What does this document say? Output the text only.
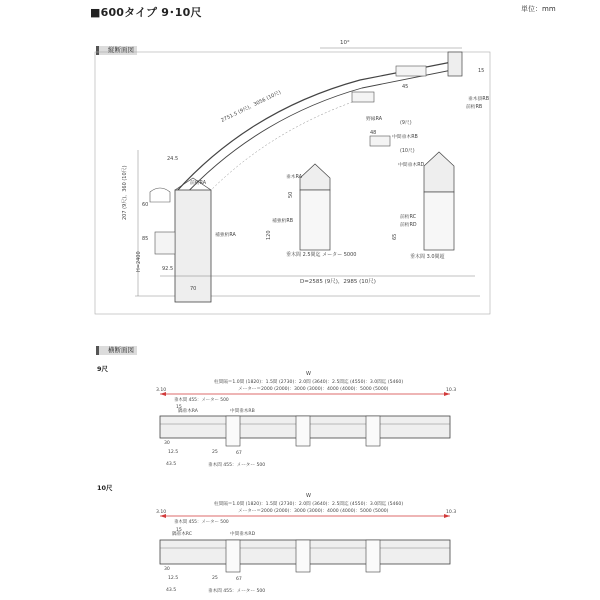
■600タイプ 9･10尺	単位：mm
縦断面図
横断面図
9尺
10尺
10°
2751.5 (9尺)，3056 (10尺)
207 (9尺)，360 (10尺)
H=2400
60
85
D=2585 (9尺)，2985 (10尺)
92.5
70
前桁RA
補強桁RA
24.5
垂木掛RB
前桁RB
中間垂木RB
野縁RA
(9尺)
(10尺)
45
15
48
垂木RA
補強桁RB
垂木間 2.5間迄 メーター 5000
50
120
中間垂木RD
前桁RC
前桁RD
垂木間 3.0間超
65
W
柱間隔＝1.0間 (1820)：1.5間 (2730)：2.0間 (3640)：2.5間迄 (4550)：3.0間迄 (5460)
メーター＝2000 (2000)：3000 (3000)：4000 (4000)：5000 (5000)
3.10	10.3
垂木間 455：メーター 500
隅垂木RA	中間垂木RB
30
67
43.5
15
12.5	25
垂木間 455：メーター 500
W
柱間隔＝1.0間 (1820)：1.5間 (2730)：2.0間 (3640)：2.5間迄 (4550)：3.0間迄 (5460)
メーター＝2000 (2000)：3000 (3000)：4000 (4000)：5000 (5000)
3.10	10.3
垂木間 455：メーター 500
隅垂木RC	中間垂木RD
30
67
43.5
15
12.5	25
垂木間 455：メーター 500
